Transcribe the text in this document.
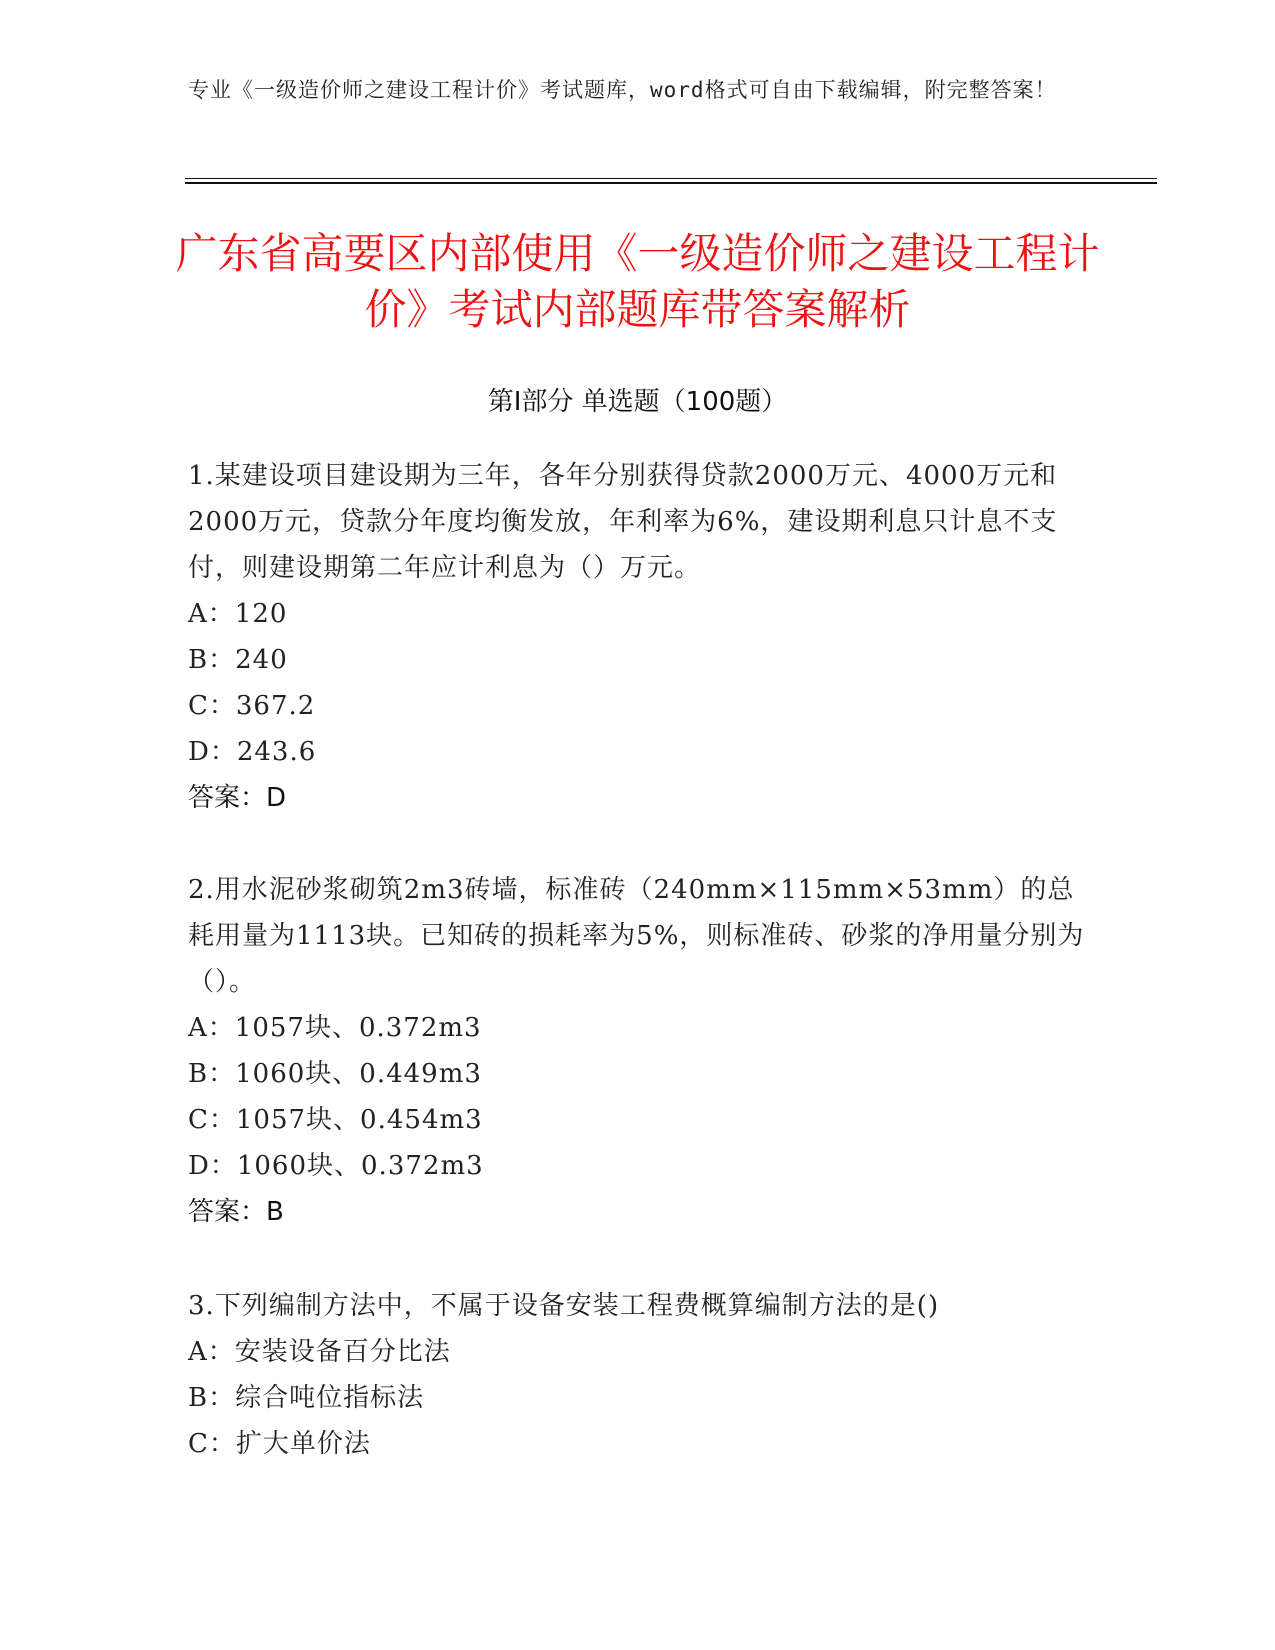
专业《一级造价师之建设工程计价》考试题库，word格式可自由下载编辑，附完整答案！
广东省高要区内部使用《一级造价师之建设工程计价》考试内部题库带答案解析
第Ⅰ部分 单选题（100题）
1.某建设项目建设期为三年，各年分别获得贷款2000万元、4000万元和2000万元，贷款分年度均衡发放，年利率为6%，建设期利息只计息不支付，则建设期第二年应计利息为（）万元。
A：120
B：240
C：367.2
D：243.6
答案：D
2.用水泥砂浆砌筑2m3砖墙，标准砖（240mm×115mm×53mm）的总耗用量为1113块。已知砖的损耗率为5%，则标准砖、砂浆的净用量分别为（）。
A：1057块、0.372m3
B：1060块、0.449m3
C：1057块、0.454m3
D：1060块、0.372m3
答案：B
3.下列编制方法中，不属于设备安装工程费概算编制方法的是()
A：安装设备百分比法
B：综合吨位指标法
C：扩大单价法
